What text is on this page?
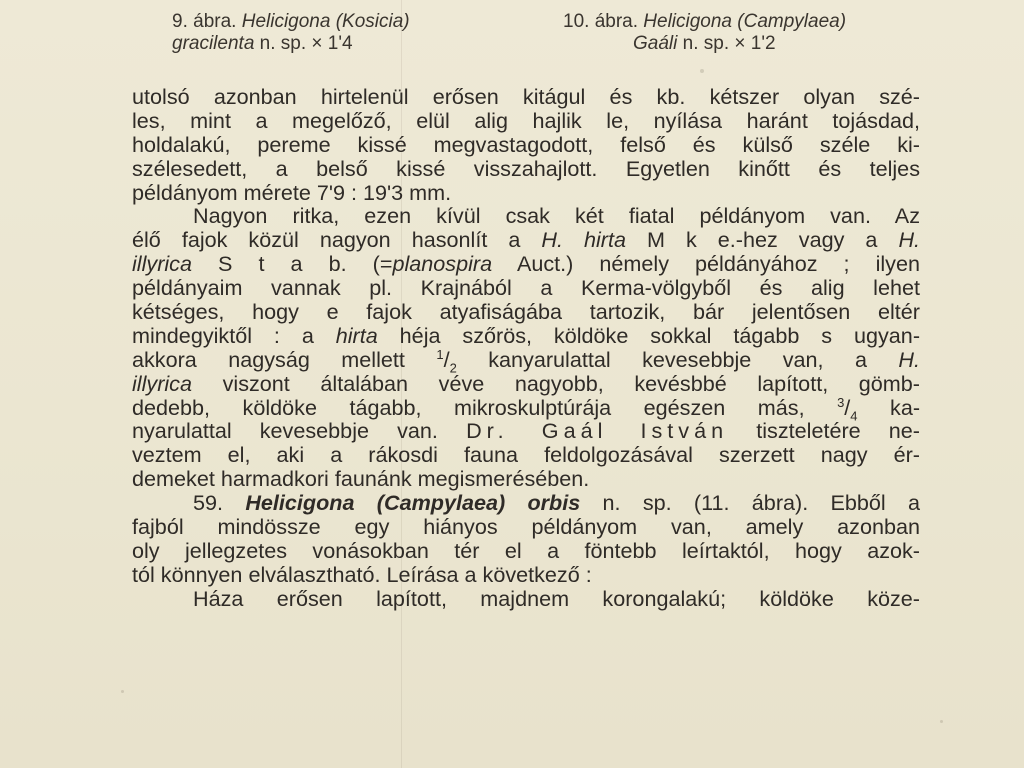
9. ábra. Helicigona (Kosicia)
gracilenta n. sp. × 1'4
10. ábra. Helicigona (Campylaea)
Gaáli n. sp. × 1'2
utolsó azonban hirtelenül erősen kitágul és kb. kétszer olyan szé-
les, mint a megelőző, elül alig hajlik le, nyílása haránt tojásdad,
holdalakú, pereme kissé megvastagodott, felső és külső széle ki-
szélesedett, a belső kissé visszahajlott. Egyetlen kinőtt és teljes
példányom mérete 7'9 : 19'3 mm.
Nagyon ritka, ezen kívül csak két fiatal példányom van. Az
élő fajok közül nagyon hasonlít a H. hirta M k e.-hez vagy a H.
illyrica S t a b. (=planospira Auct.) némely példányához ; ilyen
példányaim vannak pl. Krajnából a Kerma-völgyből és alig lehet
kétséges, hogy e fajok atyafiságába tartozik, bár jelentősen eltér
mindegyiktől : a hirta héja szőrös, köldöke sokkal tágabb s ugyan-
akkora nagyság mellett $^1/_2$ kanyarulattal kevesebbje van, a H.
illyrica viszont általában véve nagyobb, kevésbbé lapított, gömb-
dedebb, köldöke tágabb, mikroskulptúrája egészen más, $^3/_4$ ka-
nyarulattal kevesebbje van. Dr. Gaál István tiszteletére ne-
veztem el, aki a rákosdi fauna feldolgozásával szerzett nagy ér-
demeket harmadkori faunánk megismerésében.
59. Helicigona (Campylaea) orbis n. sp. (11. ábra). Ebből a
fajból mindössze egy hiányos példányom van, amely azonban
oly jellegzetes vonásokban tér el a föntebb leírtaktól, hogy azok-
tól könnyen elválasztható. Leírása a következő :
Háza erősen lapított, majdnem korongalakú; köldöke köze-
